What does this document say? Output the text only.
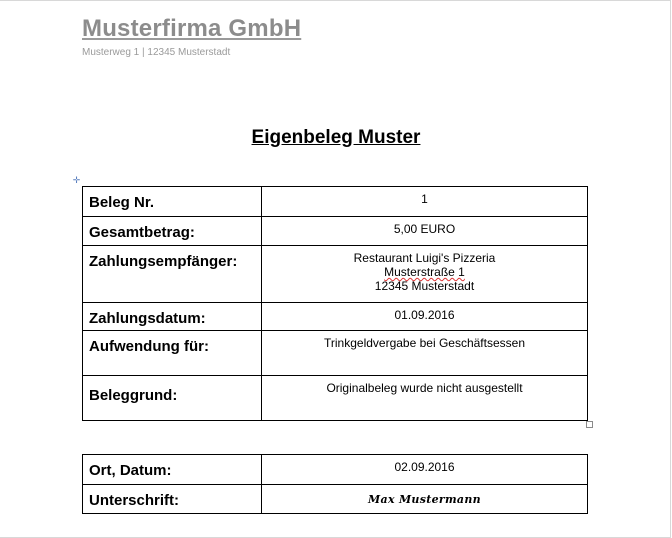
Musterfirma GmbH
Musterweg 1 | 12345 Musterstadt
Eigenbeleg Muster
✛
Beleg Nr.	1
Gesamtbetrag:	5,00 EURO
Zahlungsempfänger:	Restaurant Luigi's Pizzeria
Musterstraße 1
12345 Musterstadt

Zahlungsdatum:	01.09.2016
Aufwendung für:	Trinkgeldvergabe bei Geschäftsessen
Beleggrund:	Originalbeleg wurde nicht ausgestellt
Ort, Datum:	02.09.2016
Unterschrift:	Max Mustermann
